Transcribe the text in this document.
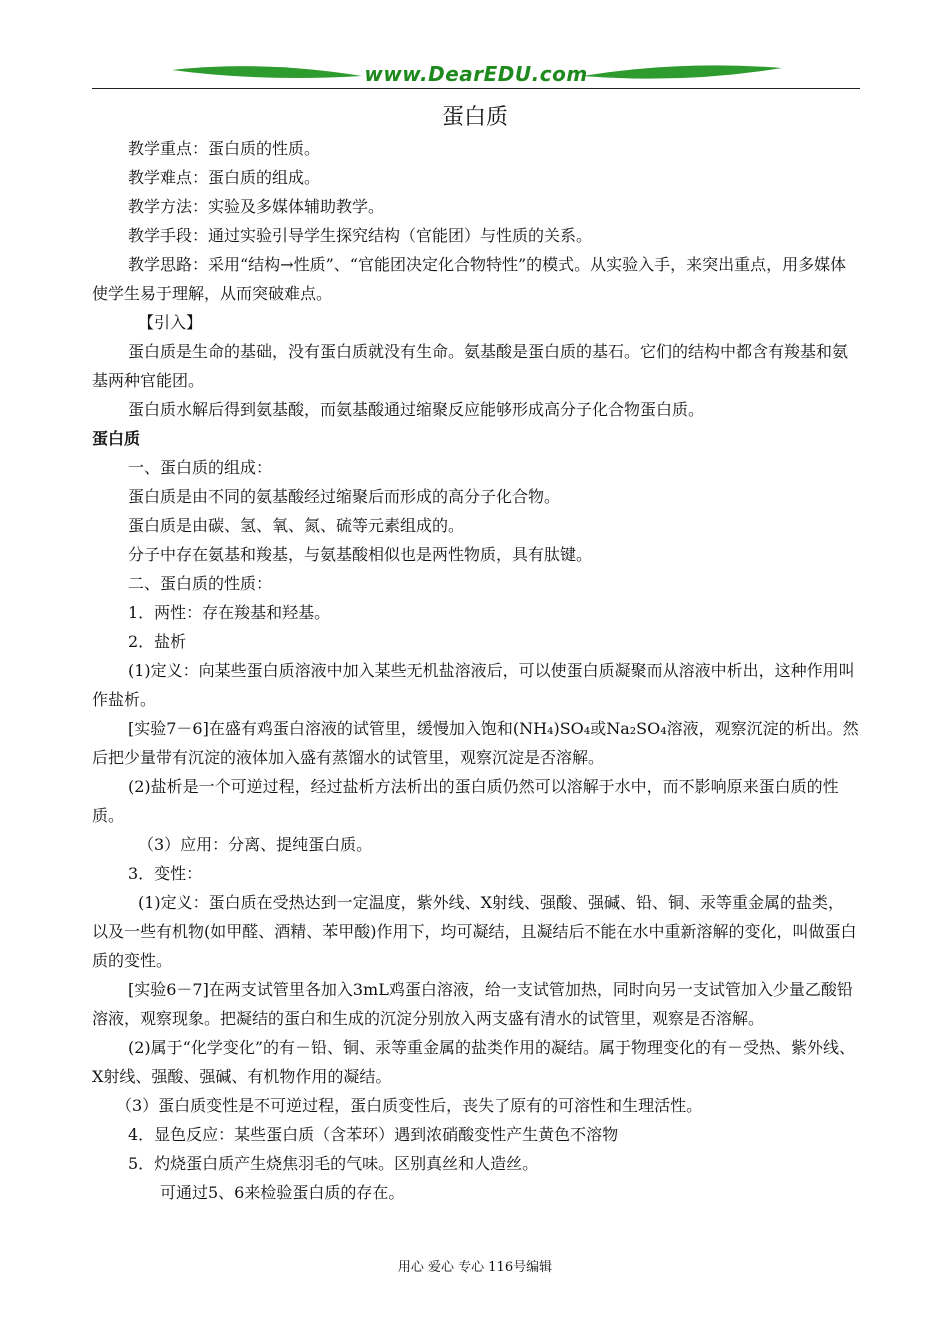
www.DearEDU.com
蛋白质

教学重点：蛋白质的性质。

教学难点：蛋白质的组成。

教学方法：实验及多媒体辅助教学。

教学手段：通过实验引导学生探究结构（官能团）与性质的关系。

教学思路：采用“结构→性质”、“官能团决定化合物特性”的模式。从实验入手，来突出重点，用多媒体使学生易于理解，从而突破难点。

【引入】

蛋白质是生命的基础，没有蛋白质就没有生命。氨基酸是蛋白质的基石。它们的结构中都含有羧基和氨基两种官能团。

蛋白质水解后得到氨基酸，而氨基酸通过缩聚反应能够形成高分子化合物蛋白质。

蛋白质

一、蛋白质的组成：

蛋白质是由不同的氨基酸经过缩聚后而形成的高分子化合物。

蛋白质是由碳、氢、氧、氮、硫等元素组成的。

分子中存在氨基和羧基，与氨基酸相似也是两性物质，具有肽键。

二、蛋白质的性质：

1．两性：存在羧基和羟基。

2．盐析

(1)定义：向某些蛋白质溶液中加入某些无机盐溶液后，可以使蛋白质凝聚而从溶液中析出，这种作用叫作盐析。

[实验7－6]在盛有鸡蛋白溶液的试管里，缓慢加入饱和(NH₄)SO₄或Na₂SO₄溶液，观察沉淀的析出。然后把少量带有沉淀的液体加入盛有蒸馏水的试管里，观察沉淀是否溶解。

(2)盐析是一个可逆过程，经过盐析方法析出的蛋白质仍然可以溶解于水中，而不影响原来蛋白质的性质。

（3）应用：分离、提纯蛋白质。

3．变性：

(1)定义：蛋白质在受热达到一定温度，紫外线、X射线、强酸、强碱、铅、铜、汞等重金属的盐类，以及一些有机物(如甲醛、酒精、苯甲酸)作用下，均可凝结，且凝结后不能在水中重新溶解的变化，叫做蛋白质的变性。

[实验6－7]在两支试管里各加入3mL鸡蛋白溶液，给一支试管加热，同时向另一支试管加入少量乙酸铅溶液，观察现象。把凝结的蛋白和生成的沉淀分别放入两支盛有清水的试管里，观察是否溶解。

(2)属于“化学变化”的有－铅、铜、汞等重金属的盐类作用的凝结。属于物理变化的有－受热、紫外线、X射线、强酸、强碱、有机物作用的凝结。

（3）蛋白质变性是不可逆过程，蛋白质变性后，丧失了原有的可溶性和生理活性。

4．显色反应：某些蛋白质（含苯环）遇到浓硝酸变性产生黄色不溶物

5．灼烧蛋白质产生烧焦羽毛的气味。区别真丝和人造丝。

可通过5、6来检验蛋白质的存在。

用心 爱心 专心 116号编辑
